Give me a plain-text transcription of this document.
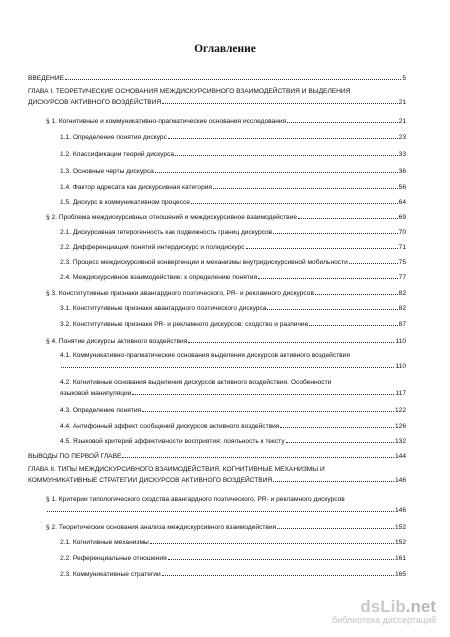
Оглавление
ВВЕДЕНИЕ	5
ГЛАВА I. ТЕОРЕТИЧЕСКИЕ ОСНОВАНИЯ МЕЖДИСКУРСИВНОГО ВЗАИМОДЕЙСТВИЯ И ВЫДЕЛЕНИЯ
ДИСКУРСОВ АКТИВНОГО ВОЗДЕЙСТВИЯ	21
§ 1. Когнитивные и коммуникативно-прагматические основания исследования	21
1.1. Определение понятия дискурс	23
1.2. Классификации теорий дискурса	33
1.3. Основные черты дискурса	36
1.4. Фактор адресата как дискурсивная категория	56
1.5. Дискурс в коммуникативном процессе	64
§ 2. Проблема междискурсивных отношений и междискурсивное взаимодействие	69
2.1. Дискурсивная гетерогенность как подвижность границ дискурсов	70
2.2. Дифференциация понятий интердискурс и полидискурс	71
2.3. Процесс междискурсивной конвергенции и механизмы внутридискурсивной мобильности	75
2.4. Междискурсивное взаимодействие: к определению понятия	77
§ 3. Конститутивные признаки авангардного поэтического, PR- и рекламного дискурсов	82
3.1. Конститутивные признаки авангардного поэтического дискурса	82
3.2. Конститутивные признаки PR- и рекламного дискурсов: сходство и различие	87
§ 4. Понятие дискурсы активного воздействия	110
4.1. Коммуникативно-прагматические основания выделения дискурсов активного воздействия
110
4.2. Когнитивные основания выделения дискурсов активного воздействия. Особенности
языковой манипуляции	117
4.3. Определение понятия	122
4.4. Антифонный эффект сообщений дискурсов активного воздействия	126
4.5. Языковой критерий эффективности восприятия: лояльность к тексту	132
ВЫВОДЫ ПО ПЕРВОЙ ГЛАВЕ	144
ГЛАВА II. ТИПЫ МЕЖДИСКУРСИВНОГО ВЗАИМОДЕЙСТВИЯ. КОГНИТИВНЫЕ МЕХАНИЗМЫ И
КОММУНИКАТИВНЫЕ СТРАТЕГИИ ДИСКУРСОВ АКТИВНОГО ВОЗДЕЙСТВИЯ	146
§ 1. Критерии типологического сходства авангардного поэтического, PR- и рекламного дискурсов
146
§ 2. Теоретические основания анализа междискурсивного взаимодействия	152
2.1. Когнитивные механизмы	152
2.2. Референциальные отношения	161
2.3. Коммуникативные стратегии	165
dsLib.net
библиотека диссертаций
